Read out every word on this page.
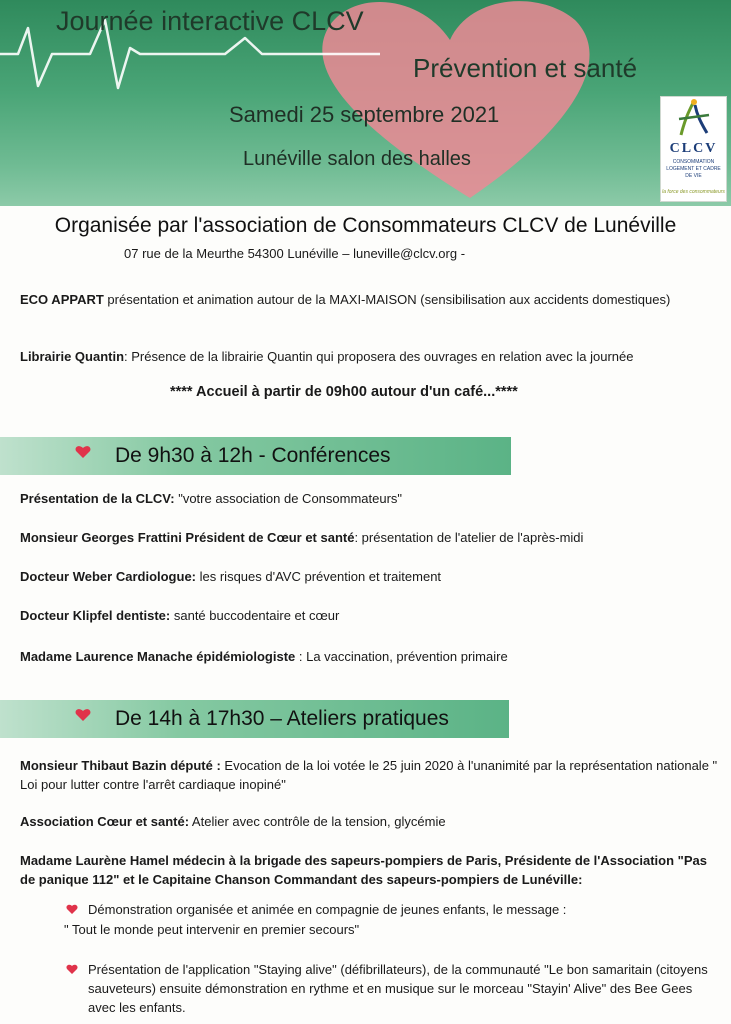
Journée interactive CLCV
Prévention et santé
Samedi 25 septembre 2021
Lunéville salon des halles	CLCV
CONSOMMATION LOGEMENT ET CADRE DE VIE
la force des consommateurs
Organisée par l'association de Consommateurs CLCV de Lunéville
07 rue de la Meurthe 54300 Lunéville – luneville@clcv.org -
ECO APPART présentation et animation autour de la MAXI-MAISON (sensibilisation aux accidents domestiques)
Librairie Quantin: Présence de la librairie Quantin qui proposera des ouvrages en relation avec la journée
**** Accueil à partir de 09h00 autour d'un café...****
De 9h30 à 12h - Conférences
Présentation de la CLCV: "votre association de Consommateurs"
Monsieur Georges Frattini Président de Cœur et santé: présentation de l'atelier de l'après-midi
Docteur Weber Cardiologue: les risques d'AVC prévention et traitement
Docteur Klipfel dentiste: santé buccodentaire et cœur
Madame Laurence Manache épidémiologiste : La vaccination, prévention primaire
De 14h à 17h30 – Ateliers pratiques
Monsieur Thibaut Bazin député : Evocation de la loi votée le 25 juin 2020 à l'unanimité par la représentation nationale " Loi pour lutter contre l'arrêt cardiaque inopiné"
Association Cœur et santé: Atelier avec contrôle de la tension, glycémie
Madame Laurène Hamel médecin à la brigade des sapeurs-pompiers de Paris, Présidente de l'Association "Pas de panique 112" et le Capitaine Chanson Commandant des sapeurs-pompiers de Lunéville:
Démonstration organisée et animée en compagnie de jeunes enfants, le message :
" Tout le monde peut intervenir en premier secours"
Présentation de l'application "Staying alive" (défibrillateurs), de la communauté "Le bon samaritain (citoyens sauveteurs) ensuite démonstration en rythme et en musique sur le morceau "Stayin' Alive" des Bee Gees avec les enfants.
